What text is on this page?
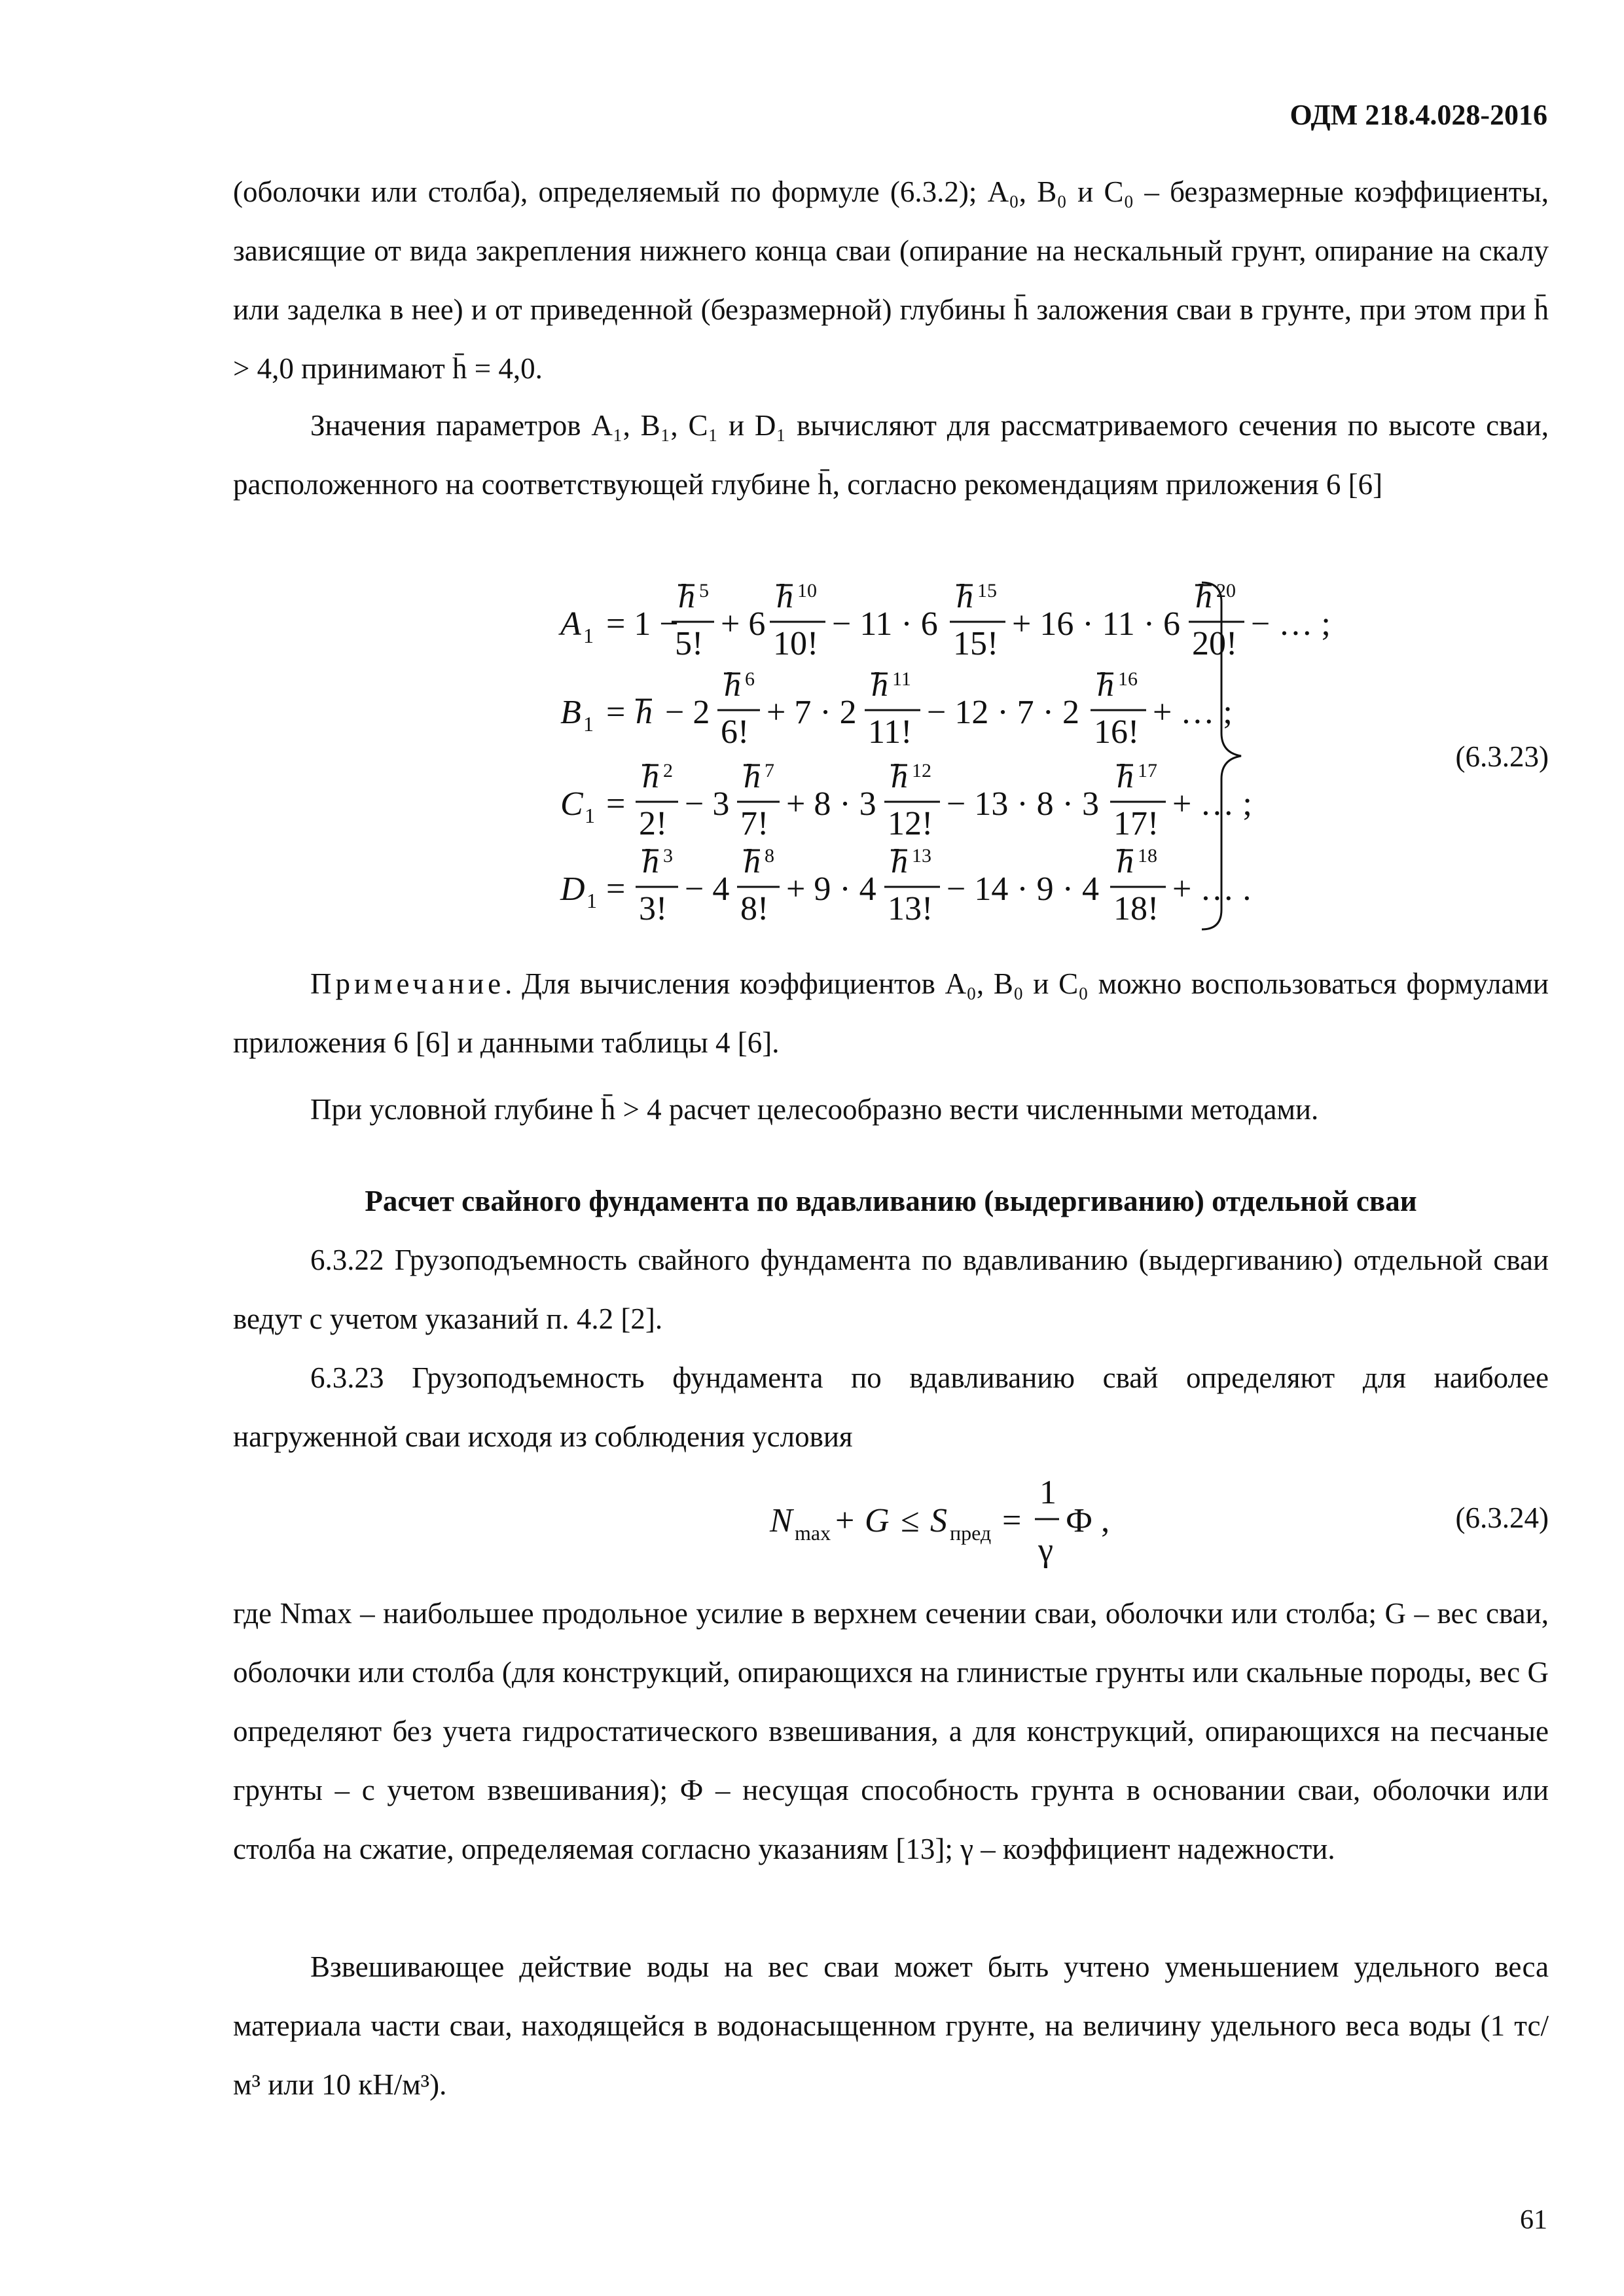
ОДМ 218.4.028-2016

(оболочки или столба), определяемый по формуле (6.3.2); A₀, B₀ и C₀ – безразмерные коэффициенты, зависящие от вида закрепления нижнего конца сваи (опирание на нескальный грунт, опирание на скалу или заделка в нее) и от приведенной (безразмерной) глубины h̄ заложения сваи в грунте, при этом при h̄ > 4,0 принимают h̄ = 4,0.

Значения параметров A₁, B₁, C₁ и D₁ вычисляют для рассматриваемого сечения по высоте сваи, расположенного на соответствующей глубине h̄, согласно рекомендациям приложения 6 [6]

A 1 = 1 −
h 5
5!
+ 6
h 10
10!
− 11 · 6
h 15
15!
+ 16 · 11 · 6
h 20
20!
− … ;
B 1 = h − 2
h 6
6!
+ 7 · 2
h 11
11!
− 12 · 7 · 2
h 16
16!
+ … ;
C 1 =
h 2
2!
− 3
h 7
7!
+ 8 · 3
h 12
12!
− 13 · 8 · 3
h 17
17!
+ … ;
D 1 =
h 3
3!
− 4
h 8
8!
+ 9 · 4
h 13
13!
− 14 · 9 · 4
h 18
18!
+ … .
(6.3.23)

Примечание. Для вычисления коэффициентов A₀, B₀ и C₀ можно воспользоваться формулами приложения 6 [6] и данными таблицы 4 [6].

При условной глубине h̄ > 4 расчет целесообразно вести численными методами.

Расчет свайного фундамента по вдавливанию (выдергиванию) отдельной сваи

6.3.22 Грузоподъемность свайного фундамента по вдавливанию (выдергиванию) отдельной сваи ведут с учетом указаний п. 4.2 [2].

6.3.23 Грузоподъемность фундамента по вдавливанию свай определяют для наиболее нагруженной сваи исходя из соблюдения условия

N max + G ≤ S пред =
1
γ
Ф ,	(6.3.24)

где Nmax – наибольшее продольное усилие в верхнем сечении сваи, оболочки или столба; G – вес сваи, оболочки или столба (для конструкций, опирающихся на глинистые грунты или скальные породы, вес G определяют без учета гидростатического взвешивания, а для конструкций, опирающихся на песчаные грунты – с учетом взвешивания); Ф – несущая способность грунта в основании сваи, оболочки или столба на сжатие, определяемая согласно указаниям [13]; γ – коэффициент надежности.

Взвешивающее действие воды на вес сваи может быть учтено уменьшением удельного веса материала части сваи, находящейся в водонасыщенном грунте, на величину удельного веса воды (1 тс/м³ или 10 кН/м³).

61
